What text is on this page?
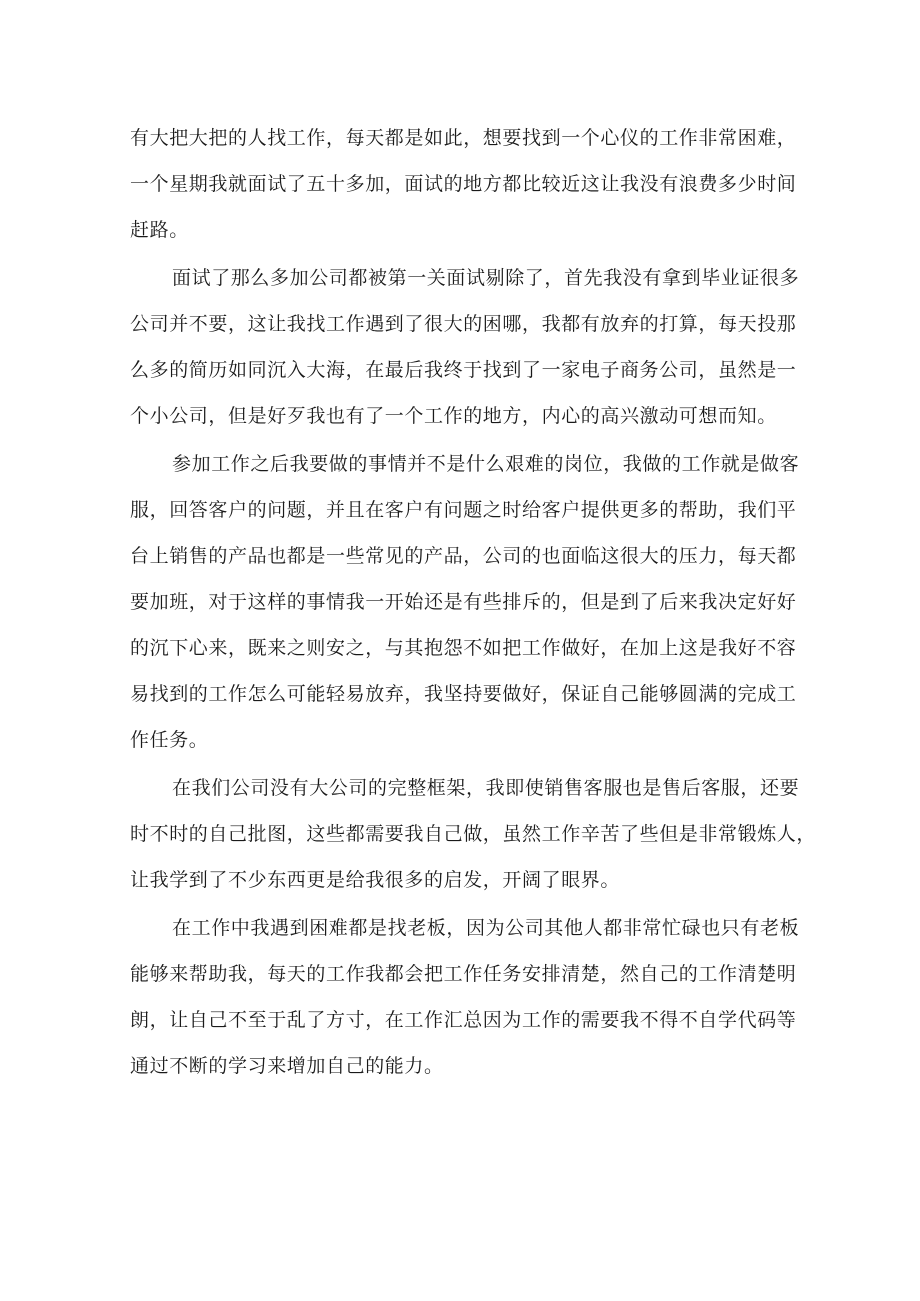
有大把大把的人找工作，每天都是如此，想要找到一个心仪的工作非常困难，
一个星期我就面试了五十多加，面试的地方都比较近这让我没有浪费多少时间
赶路。
面试了那么多加公司都被第一关面试剔除了，首先我没有拿到毕业证很多
公司并不要，这让我找工作遇到了很大的困哪，我都有放弃的打算，每天投那
么多的简历如同沉入大海，在最后我终于找到了一家电子商务公司，虽然是一
个小公司，但是好歹我也有了一个工作的地方，内心的高兴激动可想而知。
参加工作之后我要做的事情并不是什么艰难的岗位，我做的工作就是做客
服，回答客户的问题，并且在客户有问题之时给客户提供更多的帮助，我们平
台上销售的产品也都是一些常见的产品，公司的也面临这很大的压力，每天都
要加班，对于这样的事情我一开始还是有些排斥的，但是到了后来我决定好好
的沉下心来，既来之则安之，与其抱怨不如把工作做好，在加上这是我好不容
易找到的工作怎么可能轻易放弃，我坚持要做好，保证自己能够圆满的完成工
作任务。
在我们公司没有大公司的完整框架，我即使销售客服也是售后客服，还要
时不时的自己批图，这些都需要我自己做，虽然工作辛苦了些但是非常锻炼人，
让我学到了不少东西更是给我很多的启发，开阔了眼界。
在工作中我遇到困难都是找老板，因为公司其他人都非常忙碌也只有老板
能够来帮助我，每天的工作我都会把工作任务安排清楚，然自己的工作清楚明
朗，让自己不至于乱了方寸，在工作汇总因为工作的需要我不得不自学代码等
通过不断的学习来增加自己的能力。
